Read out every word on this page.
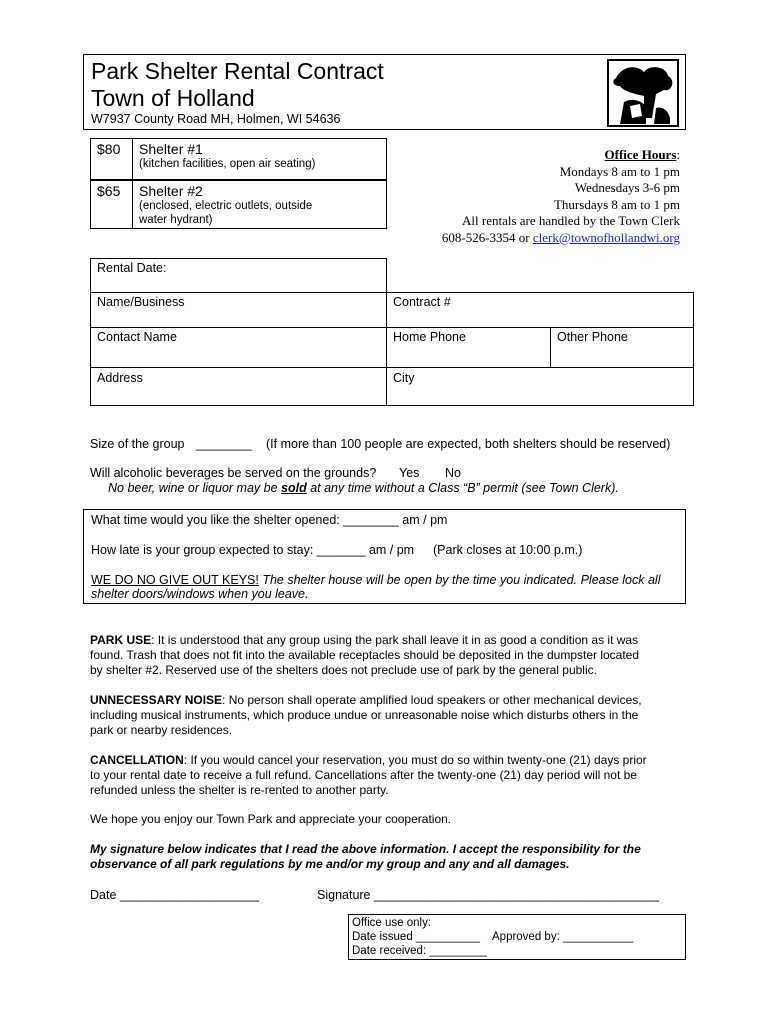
Park Shelter Rental Contract
Town of Holland
W7937 County Road MH, Holmen, WI 54636
$80 Shelter #1
(kitchen facilities, open air seating)
$65 Shelter #2
(enclosed, electric outlets, outside
water hydrant)
Office Hours:
Mondays 8 am to 1 pm
Wednesdays 3-6 pm
Thursdays 8 am to 1 pm
All rentals are handled by the Town Clerk
608-526-3354 or clerk@townofhollandwi.org
Rental Date:
Name/Business	Contract #
Contact Name	Home Phone	Other Phone
Address	City
Size of the group ________ (If more than 100 people are expected, both shelters should be reserved)
Will alcoholic beverages be served on the grounds? Yes No
No beer, wine or liquor may be sold at any time without a Class “B” permit (see Town Clerk).
What time would you like the shelter opened: ________ am / pm
How late is your group expected to stay: _______ am / pm (Park closes at 10:00 p.m.)
WE DO NO GIVE OUT KEYS! The shelter house will be open by the time you indicated. Please lock all
shelter doors/windows when you leave.
PARK USE: It is understood that any group using the park shall leave it in as good a condition as it was
found. Trash that does not fit into the available receptacles should be deposited in the dumpster located
by shelter #2. Reserved use of the shelters does not preclude use of park by the general public.
UNNECESSARY NOISE: No person shall operate amplified loud speakers or other mechanical devices,
including musical instruments, which produce undue or unreasonable noise which disturbs others in the
park or nearby residences.
CANCELLATION: If you would cancel your reservation, you must do so within twenty-one (21) days prior
to your rental date to receive a full refund. Cancellations after the twenty-one (21) day period will not be
refunded unless the shelter is re-rented to another party.
We hope you enjoy our Town Park and appreciate your cooperation.
My signature below indicates that I read the above information. I accept the responsibility for the
observance of all park regulations by me and/or my group and any and all damages.
Date ____________________	Signature _________________________________________
Office use only:
Date issued __________ Approved by: ___________
Date received: _________
